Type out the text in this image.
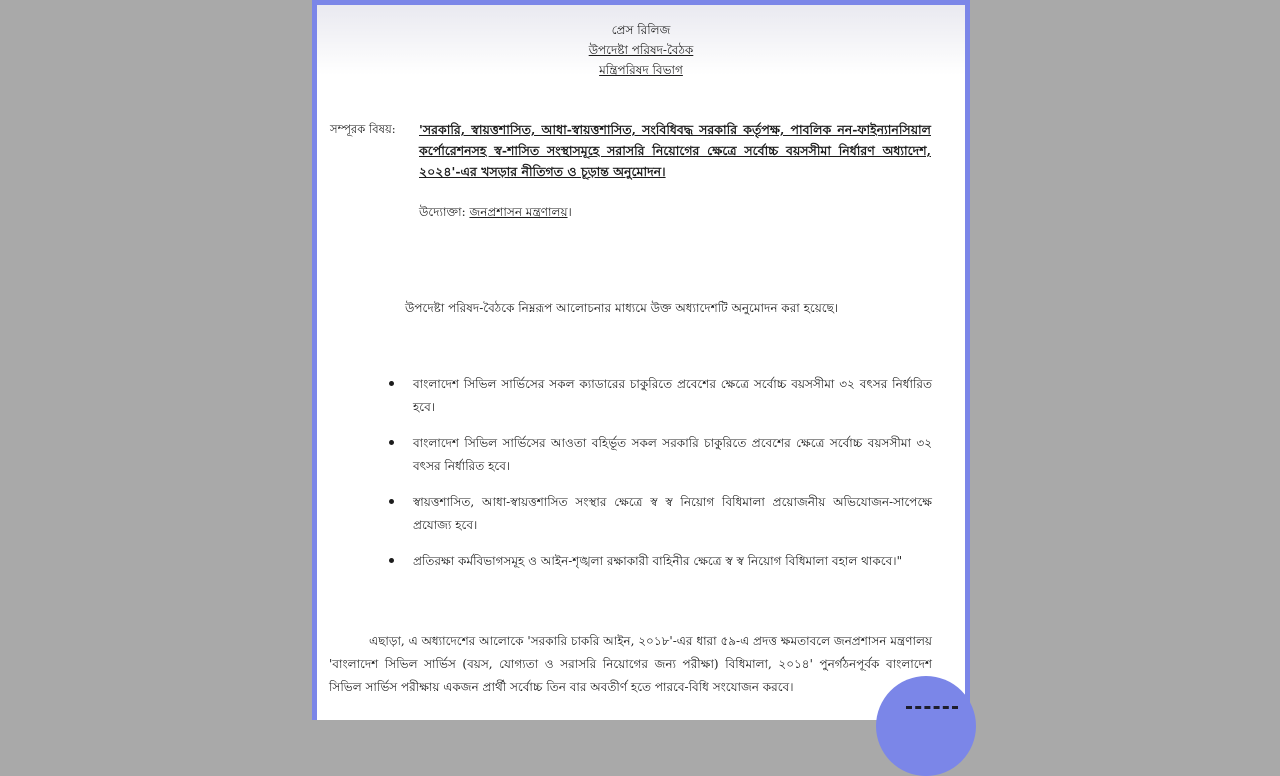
প্রেস রিলিজ
উপদেষ্টা পরিষদ-বৈঠক
মন্ত্রিপরিষদ বিভাগ
সম্পূরক বিষয়: 'সরকারি, স্বায়ত্তশাসিত, আধা-স্বায়ত্তশাসিত, সংবিধিবদ্ধ সরকারি কর্তৃপক্ষ, পাবলিক নন-ফাইন্যানসিয়াল কর্পোরেশনসহ স্ব-শাসিত সংস্থাসমূহে সরাসরি নিয়োগের ক্ষেত্রে সর্বোচ্চ বয়সসীমা নির্ধারণ অধ্যাদেশ, ২০২৪'-এর খসড়ার নীতিগত ও চূড়ান্ত অনুমোদন।
উদ্যোক্তা: জনপ্রশাসন মন্ত্রণালয়।
উপদেষ্টা পরিষদ-বৈঠকে নিম্নরূপ আলোচনার মাধ্যমে উক্ত অধ্যাদেশটি অনুমোদন করা হয়েছে।
বাংলাদেশ সিভিল সার্ভিসের সকল ক্যাডারের চাকুরিতে প্রবেশের ক্ষেত্রে সর্বোচ্চ বয়সসীমা ৩২ বৎসর নির্ধারিত হবে।
বাংলাদেশ সিভিল সার্ভিসের আওতা বহির্ভূত সকল সরকারি চাকুরিতে প্রবেশের ক্ষেত্রে সর্বোচ্চ বয়সসীমা ৩২ বৎসর নির্ধারিত হবে।
স্বায়ত্তশাসিত, আধা-স্বায়ত্তশাসিত সংস্থার ক্ষেত্রে স্ব স্ব নিয়োগ বিধিমালা প্রয়োজনীয় অভিযোজন-সাপেক্ষে প্রযোজ্য হবে।
প্রতিরক্ষা কর্মবিভাগসমূহ ও আইন-শৃঙ্খলা রক্ষাকারী বাহিনীর ক্ষেত্রে স্ব স্ব নিয়োগ বিধিমালা বহাল থাকবে।"
এছাড়া, এ অধ্যাদেশের আলোকে 'সরকারি চাকরি আইন, ২০১৮'-এর ধারা ৫৯-এ প্রদত্ত ক্ষমতাবলে জনপ্রশাসন মন্ত্রণালয় 'বাংলাদেশ সিভিল সার্ভিস (বয়স, যোগ্যতা ও সরাসরি নিয়োগের জন্য পরীক্ষা) বিধিমালা, ২০১৪' পুনর্গঠনপূর্বক বাংলাদেশ সিভিল সার্ভিস পরীক্ষায় একজন প্রার্থী সর্বোচ্চ তিন বার অবতীর্ণ হতে পারবে-বিধি সংযোজন করবে।
